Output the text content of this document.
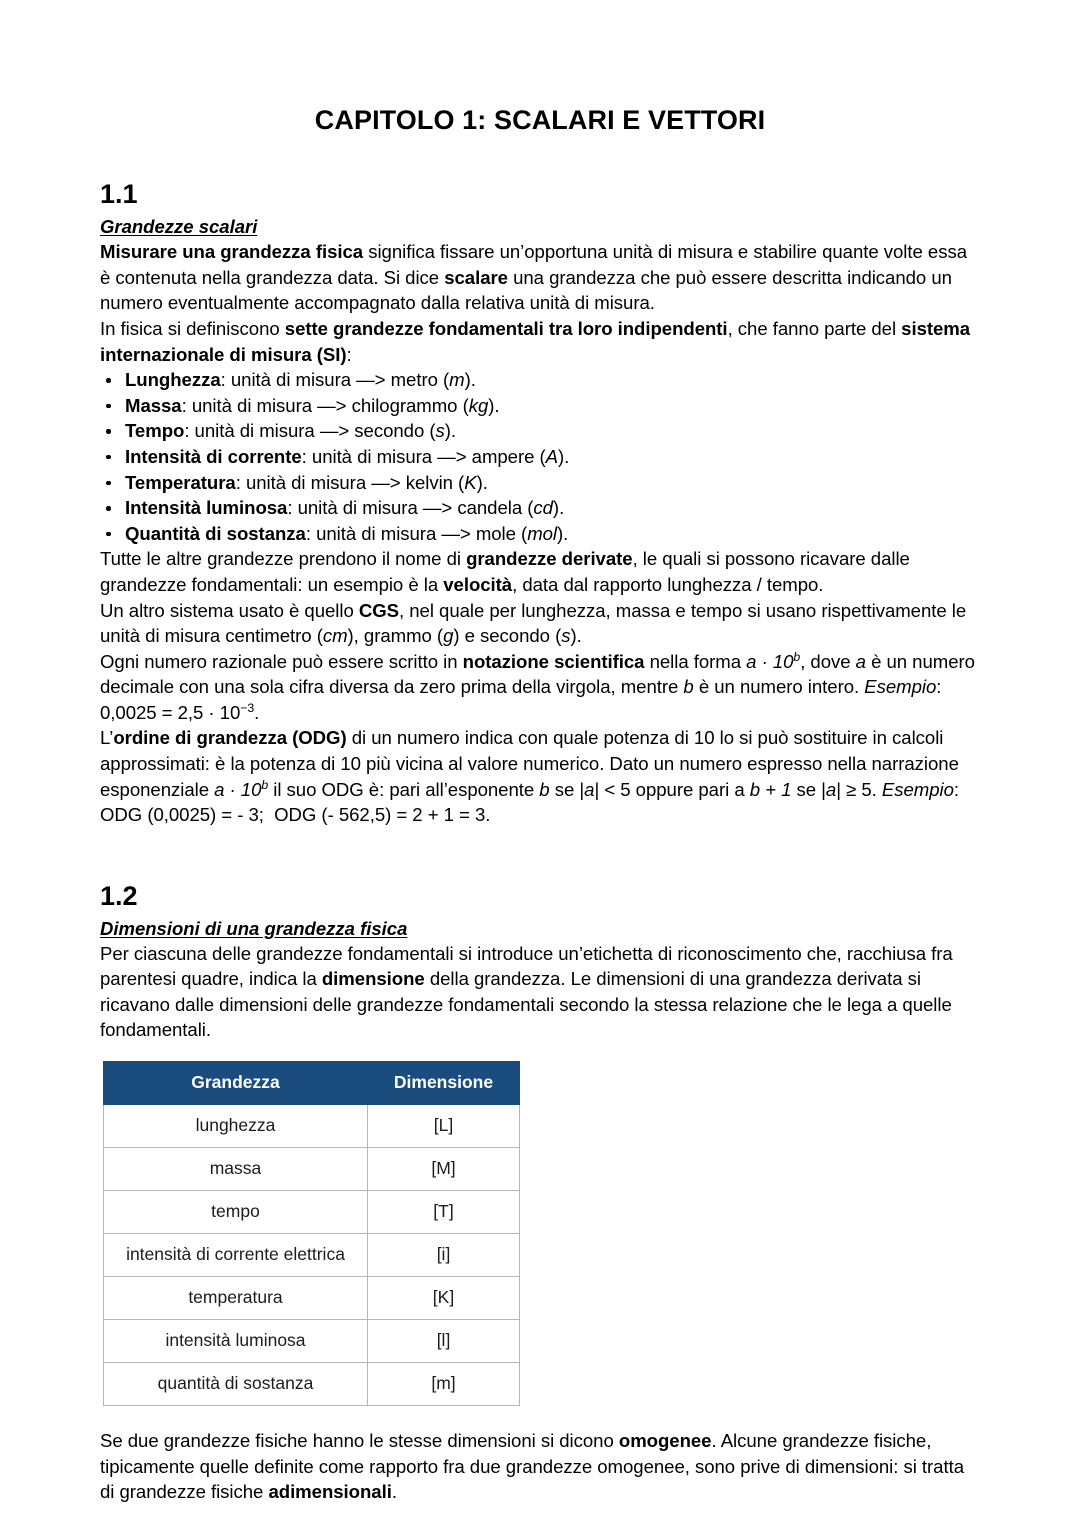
CAPITOLO 1: SCALARI E VETTORI
1.1
Grandezze scalari

Misurare una grandezza fisica significa fissare un’opportuna unità di misura e stabilire quante volte essa è contenuta nella grandezza data. Si dice scalare una grandezza che può essere descritta indicando un numero eventualmente accompagnato dalla relativa unità di misura.
In fisica si definiscono sette grandezze fondamentali tra loro indipendenti, che fanno parte del sistema internazionale di misura (SI):

Lunghezza: unità di misura —> metro (m).
Massa: unità di misura —> chilogrammo (kg).
Tempo: unità di misura —> secondo (s).
Intensità di corrente: unità di misura —> ampere (A).
Temperatura: unità di misura —> kelvin (K).
Intensità luminosa: unità di misura —> candela (cd).
Quantità di sostanza: unità di misura —> mole (mol).

Tutte le altre grandezze prendono il nome di grandezze derivate, le quali si possono ricavare dalle grandezze fondamentali: un esempio è la velocità, data dal rapporto lunghezza / tempo.
Un altro sistema usato è quello CGS, nel quale per lunghezza, massa e tempo si usano rispettivamente le unità di misura centimetro (cm), grammo (g) e secondo (s).
Ogni numero razionale può essere scritto in notazione scientifica nella forma $a \cdot 10^b$, dove a è un numero decimale con una sola cifra diversa da zero prima della virgola, mentre b è un numero intero. Esempio: $0,0025 = 2,5 \cdot 10^{-3}$.
L’ordine di grandezza (ODG) di un numero indica con quale potenza di 10 lo si può sostituire in calcoli approssimati: è la potenza di 10 più vicina al valore numerico. Dato un numero espresso nella narrazione esponenziale $a \cdot 10^b$ il suo ODG è: pari all’esponente b se |a| < 5 oppure pari a b + 1 se |a| ≥ 5. Esempio: ODG (0,0025) = - 3;  ODG (- 562,5) = 2 + 1 = 3.

1.2
Dimensioni di una grandezza fisica

Per ciascuna delle grandezze fondamentali si introduce un’etichetta di riconoscimento che, racchiusa fra parentesi quadre, indica la dimensione della grandezza. Le dimensioni di una grandezza derivata si ricavano dalle dimensioni delle grandezze fondamentali secondo la stessa relazione che le lega a quelle fondamentali.

Grandezza	Dimensione
lunghezza	[L]
massa	[M]
tempo	[T]
intensità di corrente elettrica	[i]
temperatura	[K]
intensità luminosa	[l]
quantità di sostanza	[m]

Se due grandezze fisiche hanno le stesse dimensioni si dicono omogenee. Alcune grandezze fisiche, tipicamente quelle definite come rapporto fra due grandezze omogenee, sono prive di dimensioni: si tratta di grandezze fisiche adimensionali.
